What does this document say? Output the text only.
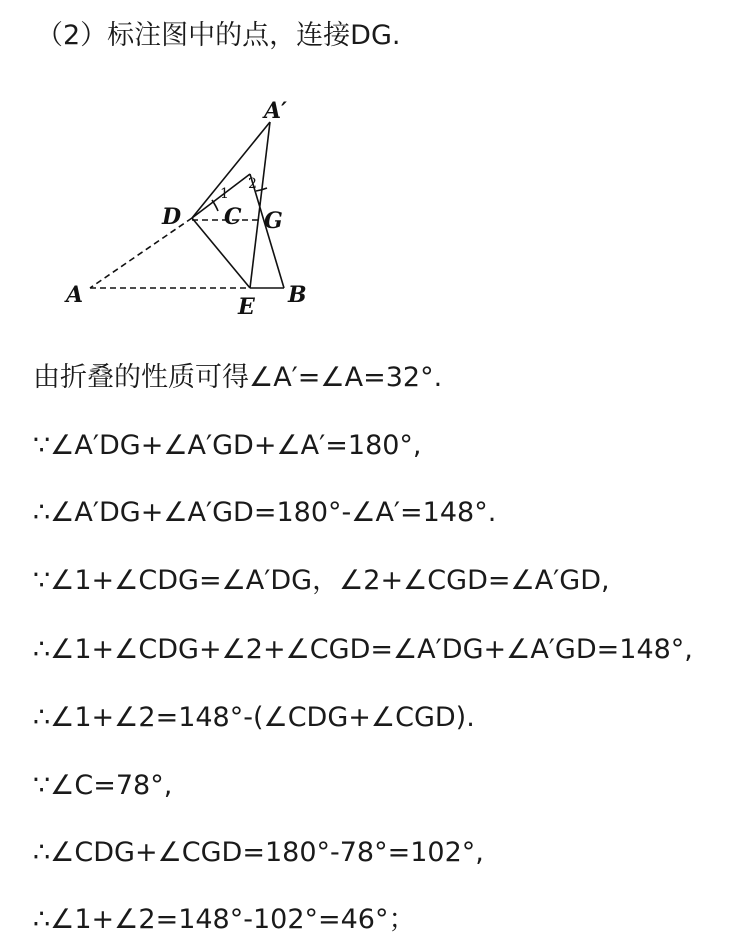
（2）标注图中的点，连接DG.
A′
D C G
A	E B
1
2
由折叠的性质可得∠A′=∠A=32°.
∵∠A′DG+∠A′GD+∠A′=180°,
∴∠A′DG+∠A′GD=180°-∠A′=148°.
∵∠1+∠CDG=∠A′DG，∠2+∠CGD=∠A′GD,
∴∠1+∠CDG+∠2+∠CGD=∠A′DG+∠A′GD=148°,
∴∠1+∠2=148°-(∠CDG+∠CGD).
∵∠C=78°,
∴∠CDG+∠CGD=180°-78°=102°,
∴∠1+∠2=148°-102°=46°；
